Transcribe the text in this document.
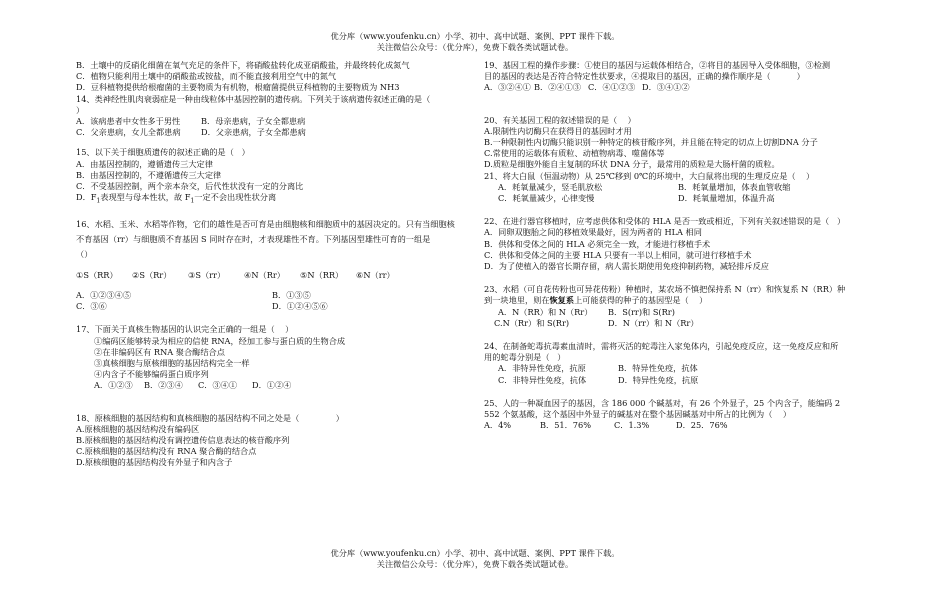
优分库（www.youfenku.cn）小学、初中、高中试题、案例、PPT 课件下载。
关注微信公众号：（优分库），免费下载各类试题试卷。
B．土壤中的反硝化细菌在氧气充足的条件下，将硝酸盐转化成亚硝酸盐，并最终转化成氮气
C．植物只能利用土壤中的硝酸盐或铵盐，而不能直接利用空气中的氮气
D．豆科植物提供给根瘤菌的主要物质为有机物，根瘤菌提供豆科植物的主要物质为 NH3
14、类神经性肌肉衰弱症是一种由线粒体中基因控制的遗传病。下列关于该病遗传叙述正确的是（
）
A．该病患者中女性多于男性	B．母亲患病，子女全都患病
C．父亲患病，女儿全都患病 D．父亲患病，子女全都患病
15、以下关于细胞质遗传的叙述正确的是（   ）
A．由基因控制的，遵循遗传三大定律
B．由基因控制的，不遵循遗传三大定律
C．不受基因控制，两个亲本杂交，后代性状没有一定的分离比
D．$F_1$表现型与母本性状，故 $F_1$一定不会出现性状分离
16、水稻、玉米、水稻等作物，它们的雄性是否可育是由细胞核和细胞质中的基因决定的。只有当细胞核
不育基因（rr）与细胞质不育基因 S 同时存在时，才表现雄性不育。下列基因型雄性可育的一组是
（）
①S（RR）	②S（Rr）	③S（rr）	④N（Rr）	⑤N（RR）	⑥N（rr）
A．①②③④⑤	B．①③⑤
C．③⑥	D．①②④⑤⑥
17、下面关于真核生物基因的认识完全正确的一组是（    ）
①编码区能够转录为相应的信使 RNA，经加工参与蛋白质的生物合成
②在非编码区有 RNA 聚合酶结合点
③真核细胞与原核细胞的基因结构完全一样
④内含子不能够编码蛋白质序列
A．①②③	B．②③④	C．③④①	D．①②④
18、原核细胞的基因结构和真核细胞的基因结构不同之处是（              ）
A.原核细胞的基因结构没有编码区
B.原核细胞的基因结构没有调控遗传信息表达的核苷酸序列
C.原核细胞的基因结构没有 RNA 聚合酶的结合点
D.原核细胞的基因结构没有外显子和内含子
19、基因工程的操作步骤：①使目的基因与运载体相结合，②将目的基因导入受体细胞，③检测
目的基因的表达是否符合特定性状要求，④提取目的基因，正确的操作顺序是（          ）
A．③②④① B．②④①③ C．④①②③ D．③④①②
20、有关基因工程的叙述错误的是（    ）
A.限制性内切酶只在获得目的基因时才用
B.一种限制性内切酶只能识别一种特定的核苷酸序列，并且能在特定的切点上切割DNA 分子
C.常使用的运载体有质粒、动植物病毒、噬菌体等
D.质粒是细胞外能自主复制的环状 DNA 分子，最常用的质粒是大肠杆菌的质粒。
21、将大白鼠（恒温动物）从 25℃移到 0℃的环境中，大白鼠将出现的生理反应是（    ）
A．耗氧量减少，竖毛肌放松	B．耗氧量增加，体表血管收缩
C．耗氧量减少，心律变慢	D．耗氧量增加，体温升高
22、在进行器官移植时，应考虑供体和受体的 HLA 是否一致或相近，下列有关叙述错误的是（   ）
A．同卵双胞胎之间的移植效果最好，因为两者的 HLA 相同
B．供体和受体之间的 HLA 必须完全一致，才能进行移植手术
C．供体和受体之间的主要 HLA 只要有一半以上相同，就可进行移植手术
D．为了使植入的器官长期存留，病人需长期使用免疫抑制药物，减轻排斥反应
23、水稻（可自花传粉也可异花传粉）种植时，某农场不慎把保持系 N（rr）和恢复系 N（RR）种
到一块地里，则在恢复系上可能获得的种子的基因型是（    ）
A．N（RR）和 N（Rr） B．S(rr)和 S(Rr)
C.N（Rr）和 S(Rr)	D．N（rr）和 N（Rr）
24、在制备蛇毒抗毒素血清时，需将灭活的蛇毒注入家兔体内，引起免疫反应，这一免疫反应和所
用的蛇毒分别是（   ）
A．非特异性免疫，抗原	B．特异性免疫，抗体
C．非特异性免疫，抗体	D．特异性免疫，抗原
25、人的一种凝血因子的基因，含 186 000 个碱基对，有 26 个外显子，25 个内含子，能编码 2
552 个氨基酸，这个基因中外显子的碱基对在整个基因碱基对中所占的比例为（    ）
A．4%	B．51．76%	C．1.3%	D．25．76%
优分库（www.youfenku.cn）小学、初中、高中试题、案例、PPT 课件下载。
关注微信公众号：（优分库），免费下载各类试题试卷。
